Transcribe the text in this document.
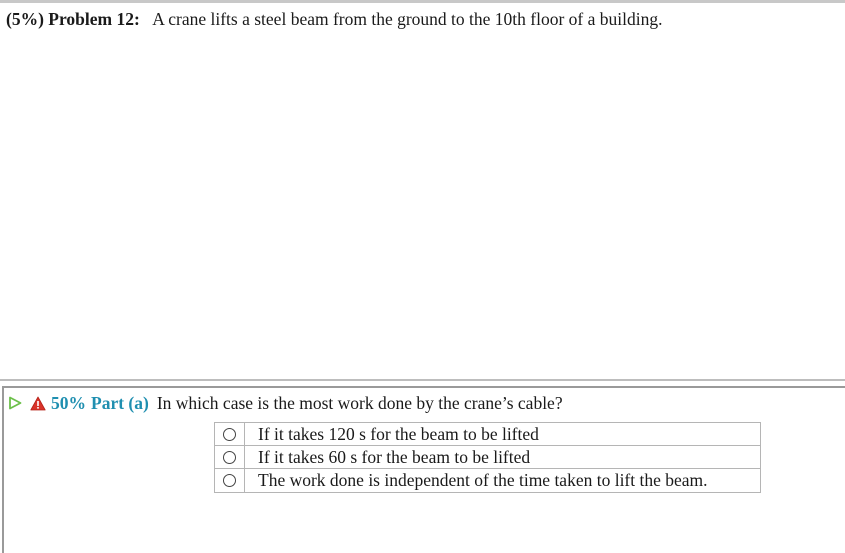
(5%) Problem 12: A crane lifts a steel beam from the ground to the 10th floor of a building.
50% Part (a) In which case is the most work done by the crane’s cable?
If it takes 120 s for the beam to be lifted
If it takes 60 s for the beam to be lifted
The work done is independent of the time taken to lift the beam.
